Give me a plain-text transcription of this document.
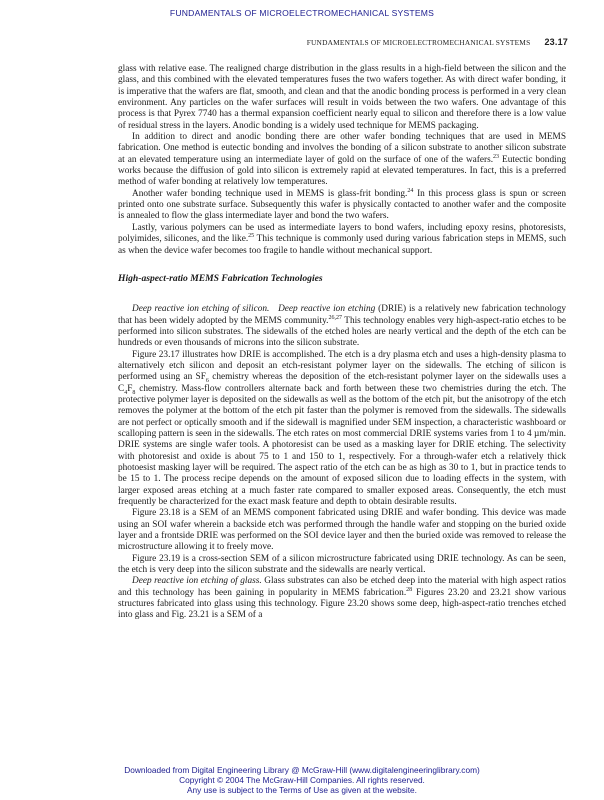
FUNDAMENTALS OF MICROELECTROMECHANICAL SYSTEMS
FUNDAMENTALS OF MICROELECTROMECHANICAL SYSTEMS 23.17

glass with relative ease. The realigned charge distribution in the glass results in a high-field between the silicon and the glass, and this combined with the elevated temperatures fuses the two wafers together. As with direct wafer bonding, it is imperative that the wafers are flat, smooth, and clean and that the anodic bonding process is performed in a very clean environment. Any particles on the wafer surfaces will result in voids between the two wafers. One advantage of this process is that Pyrex 7740 has a thermal expansion coefficient nearly equal to silicon and therefore there is a low value of residual stress in the layers. Anodic bonding is a widely used technique for MEMS packaging.

In addition to direct and anodic bonding there are other wafer bonding techniques that are used in MEMS fabrication. One method is eutectic bonding and involves the bonding of a silicon substrate to another silicon substrate at an elevated temperature using an intermediate layer of gold on the surface of one of the wafers.$^{23}$ Eutectic bonding works because the diffusion of gold into silicon is extremely rapid at elevated temperatures. In fact, this is a preferred method of wafer bonding at relatively low temperatures.

Another wafer bonding technique used in MEMS is glass-frit bonding.$^{24}$ In this process glass is spun or screen printed onto one substrate surface. Subsequently this wafer is physically contacted to another wafer and the composite is annealed to flow the glass intermediate layer and bond the two wafers.

Lastly, various polymers can be used as intermediate layers to bond wafers, including epoxy resins, photoresists, polyimides, silicones, and the like.$^{25}$ This technique is commonly used during various fabrication steps in MEMS, such as when the device wafer becomes too fragile to handle without mechanical support.

High-aspect-ratio MEMS Fabrication Technologies

Deep reactive ion etching of silicon. Deep reactive ion etching (DRIE) is a relatively new fabrication technology that has been widely adopted by the MEMS community.$^{26,27}$ This technology enables very high-aspect-ratio etches to be performed into silicon substrates. The sidewalls of the etched holes are nearly vertical and the depth of the etch can be hundreds or even thousands of microns into the silicon substrate.

Figure 23.17 illustrates how DRIE is accomplished. The etch is a dry plasma etch and uses a high-density plasma to alternatively etch silicon and deposit an etch-resistant polymer layer on the sidewalls. The etching of silicon is performed using an $SF_6$ chemistry whereas the deposition of the etch-resistant polymer layer on the sidewalls uses a $C_4F_8$ chemistry. Mass-flow controllers alternate back and forth between these two chemistries during the etch. The protective polymer layer is deposited on the sidewalls as well as the bottom of the etch pit, but the anisotropy of the etch removes the polymer at the bottom of the etch pit faster than the polymer is removed from the sidewalls. The sidewalls are not perfect or optically smooth and if the sidewall is magnified under SEM inspection, a characteristic washboard or scalloping pattern is seen in the sidewalls. The etch rates on most commercial DRIE systems varies from 1 to 4 µm/min. DRIE systems are single wafer tools. A photoresist can be used as a masking layer for DRIE etching. The selectivity with photoresist and oxide is about 75 to 1 and 150 to 1, respectively. For a through-wafer etch a relatively thick photoesist masking layer will be required. The aspect ratio of the etch can be as high as 30 to 1, but in practice tends to be 15 to 1. The process recipe depends on the amount of exposed silicon due to loading effects in the system, with larger exposed areas etching at a much faster rate compared to smaller exposed areas. Consequently, the etch must frequently be characterized for the exact mask feature and depth to obtain desirable results.

Figure 23.18 is a SEM of an MEMS component fabricated using DRIE and wafer bonding. This device was made using an SOI wafer wherein a backside etch was performed through the handle wafer and stopping on the buried oxide layer and a frontside DRIE was performed on the SOI device layer and then the buried oxide was removed to release the microstructure allowing it to freely move.

Figure 23.19 is a cross-section SEM of a silicon microstructure fabricated using DRIE technology. As can be seen, the etch is very deep into the silicon substrate and the sidewalls are nearly vertical.

Deep reactive ion etching of glass. Glass substrates can also be etched deep into the material with high aspect ratios and this technology has been gaining in popularity in MEMS fabrication.$^{28}$ Figures 23.20 and 23.21 show various structures fabricated into glass using this technology. Figure 23.20 shows some deep, high-aspect-ratio trenches etched into glass and Fig. 23.21 is a SEM of a

Downloaded from Digital Engineering Library @ McGraw-Hill (www.digitalengineeringlibrary.com)
Copyright © 2004 The McGraw-Hill Companies. All rights reserved.
Any use is subject to the Terms of Use as given at the website.
